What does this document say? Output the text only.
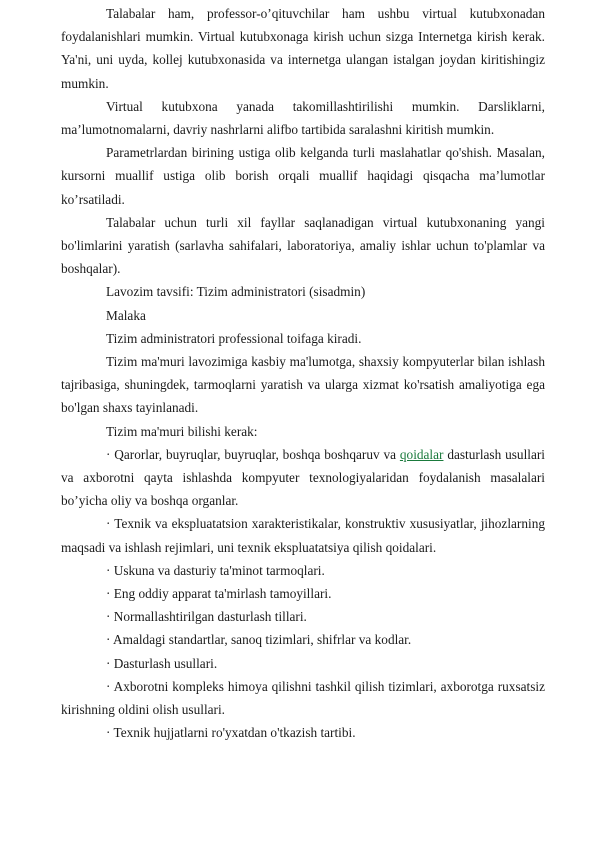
Talabalar ham, professor-o’qituvchilar ham ushbu virtual kutubxonadan foydalanishlari mumkin. Virtual kutubxonaga kirish uchun sizga Internetga kirish kerak. Ya'ni, uni uyda, kollej kutubxonasida va internetga ulangan istalgan joydan kiritishingiz mumkin.

Virtual kutubxona yanada takomillashtirilishi mumkin. Darsliklarni, ma’lumotnomalarni, davriy nashrlarni alifbo tartibida saralashni kiritish mumkin.

Parametrlardan birining ustiga olib kelganda turli maslahatlar qo'shish. Masalan, kursorni muallif ustiga olib borish orqali muallif haqidagi qisqacha ma’lumotlar ko’rsatiladi.

Talabalar uchun turli xil fayllar saqlanadigan virtual kutubxonaning yangi bo'limlarini yaratish (sarlavha sahifalari, laboratoriya, amaliy ishlar uchun to'plamlar va boshqalar).

Lavozim tavsifi: Tizim administratori (sisadmin)

Malaka

Tizim administratori professional toifaga kiradi.

Tizim ma'muri lavozimiga kasbiy ma'lumotga, shaxsiy kompyuterlar bilan ishlash tajribasiga, shuningdek, tarmoqlarni yaratish va ularga xizmat ko'rsatish amaliyotiga ega bo'lgan shaxs tayinlanadi.

Tizim ma'muri bilishi kerak:

· Qarorlar, buyruqlar, buyruqlar, boshqa boshqaruv va qoidalar dasturlash usullari va axborotni qayta ishlashda kompyuter texnologiyalaridan foydalanish masalalari bo’yicha oliy va boshqa organlar.

· Texnik va ekspluatatsion xarakteristikalar, konstruktiv xususiyatlar, jihozlarning maqsadi va ishlash rejimlari, uni texnik ekspluatatsiya qilish qoidalari.

· Uskuna va dasturiy ta'minot tarmoqlari.

· Eng oddiy apparat ta'mirlash tamoyillari.

· Normallashtirilgan dasturlash tillari.

· Amaldagi standartlar, sanoq tizimlari, shifrlar va kodlar.

· Dasturlash usullari.

· Axborotni kompleks himoya qilishni tashkil qilish tizimlari, axborotga ruxsatsiz kirishning oldini olish usullari.

· Texnik hujjatlarni ro'yxatdan o'tkazish tartibi.
